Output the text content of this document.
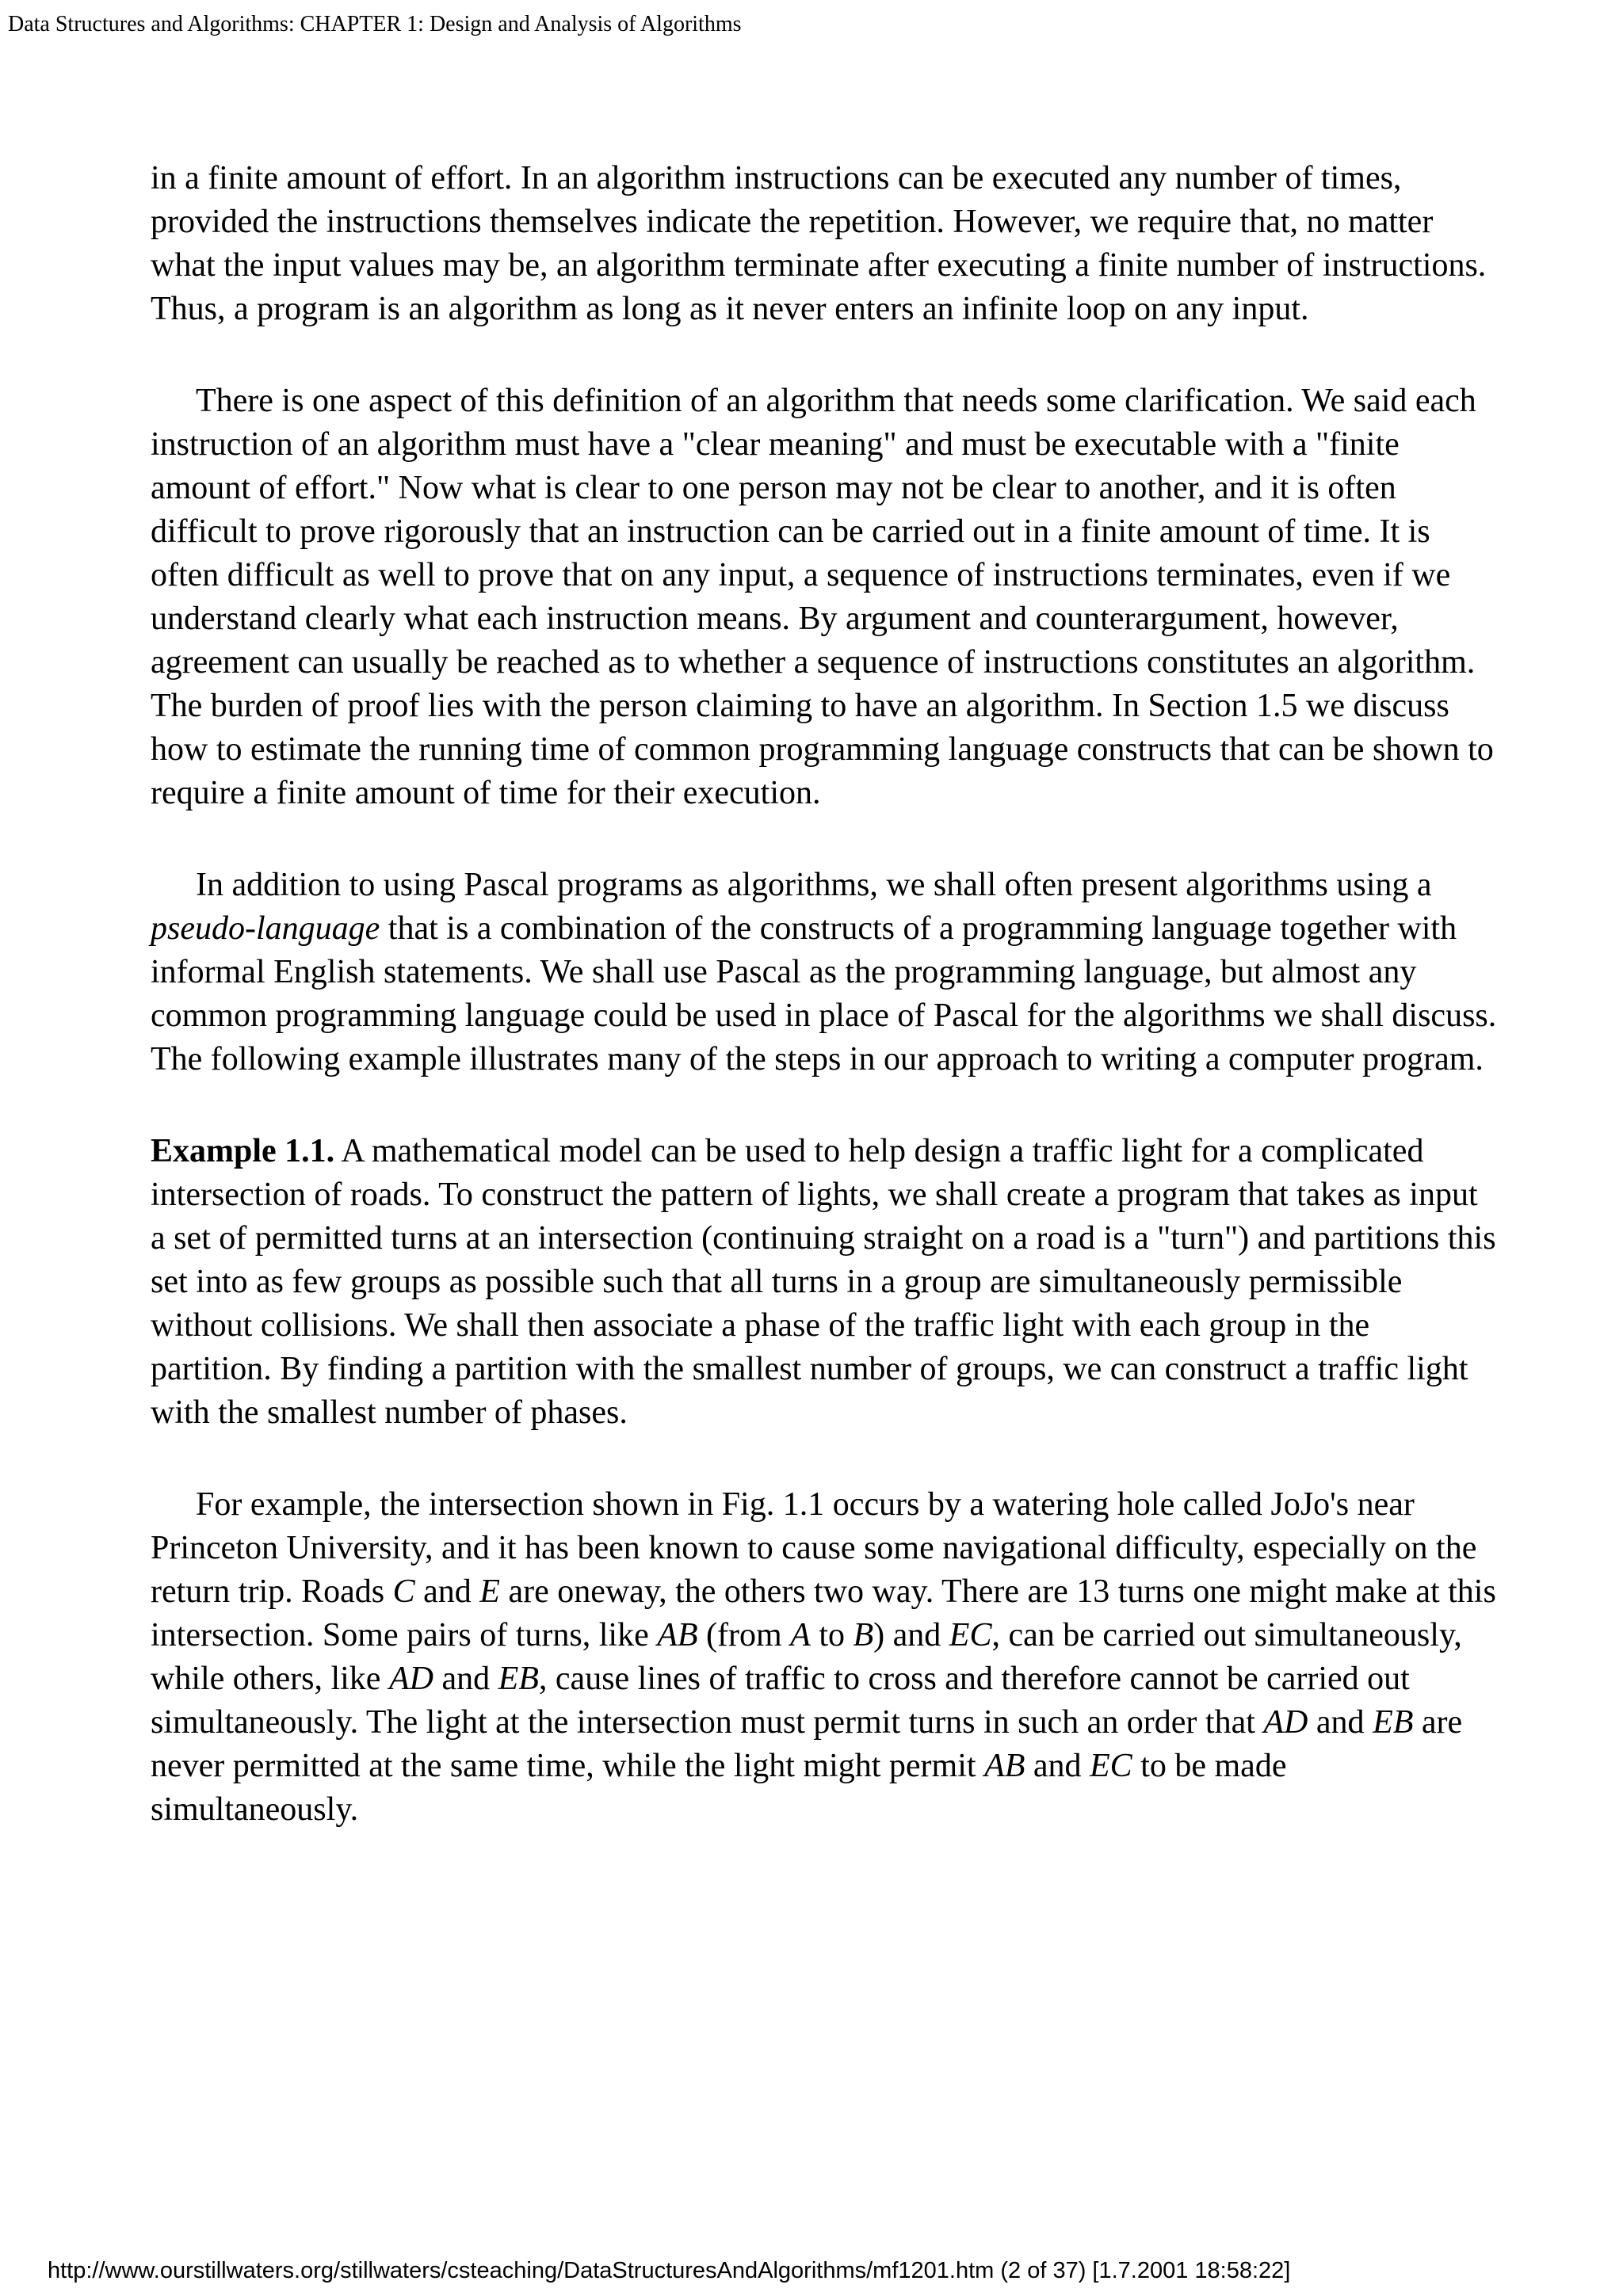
Data Structures and Algorithms: CHAPTER 1: Design and Analysis of Algorithms

in a finite amount of effort. In an algorithm instructions can be executed any number of times, provided the instructions themselves indicate the repetition. However, we require that, no matter what the input values may be, an algorithm terminate after executing a finite number of instructions. Thus, a program is an algorithm as long as it never enters an infinite loop on any input.

There is one aspect of this definition of an algorithm that needs some clarification. We said each instruction of an algorithm must have a "clear meaning" and must be executable with a "finite amount of effort." Now what is clear to one person may not be clear to another, and it is often difficult to prove rigorously that an instruction can be carried out in a finite amount of time. It is often difficult as well to prove that on any input, a sequence of instructions terminates, even if we understand clearly what each instruction means. By argument and counterargument, however, agreement can usually be reached as to whether a sequence of instructions constitutes an algorithm. The burden of proof lies with the person claiming to have an algorithm. In Section 1.5 we discuss how to estimate the running time of common programming language constructs that can be shown to require a finite amount of time for their execution.

In addition to using Pascal programs as algorithms, we shall often present algorithms using a pseudo-language that is a combination of the constructs of a programming language together with informal English statements. We shall use Pascal as the programming language, but almost any common programming language could be used in place of Pascal for the algorithms we shall discuss. The following example illustrates many of the steps in our approach to writing a computer program.

Example 1.1. A mathematical model can be used to help design a traffic light for a complicated intersection of roads. To construct the pattern of lights, we shall create a program that takes as input a set of permitted turns at an intersection (continuing straight on a road is a "turn") and partitions this set into as few groups as possible such that all turns in a group are simultaneously permissible without collisions. We shall then associate a phase of the traffic light with each group in the partition. By finding a partition with the smallest number of groups, we can construct a traffic light with the smallest number of phases.

For example, the intersection shown in Fig. 1.1 occurs by a watering hole called JoJo's near Princeton University, and it has been known to cause some navigational difficulty, especially on the return trip. Roads C and E are oneway, the others two way. There are 13 turns one might make at this intersection. Some pairs of turns, like AB (from A to B) and EC, can be carried out simultaneously, while others, like AD and EB, cause lines of traffic to cross and therefore cannot be carried out simultaneously. The light at the intersection must permit turns in such an order that AD and EB are never permitted at the same time, while the light might permit AB and EC to be made simultaneously.

http://www.ourstillwaters.org/stillwaters/csteaching/DataStructuresAndAlgorithms/mf1201.htm (2 of 37) [1.7.2001 18:58:22]
